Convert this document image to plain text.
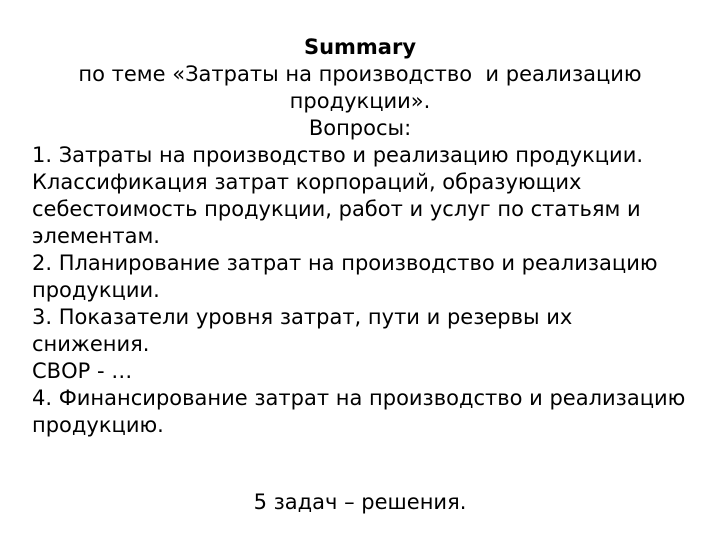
Summary

по теме «Затраты на производство  и реализацию
продукции».

Вопросы:

1. Затраты на производство и реализацию продукции. Классификация затрат корпораций, образующих себестоимость продукции, работ и услуг по статьям и элементам.
2. Планирование затрат на производство и реализацию продукции.
3. Показатели уровня затрат, пути и резервы их снижения.
СВОР - …
4. Финансирование затрат на производство и реализацию продукцию.

5 задач – решения.
